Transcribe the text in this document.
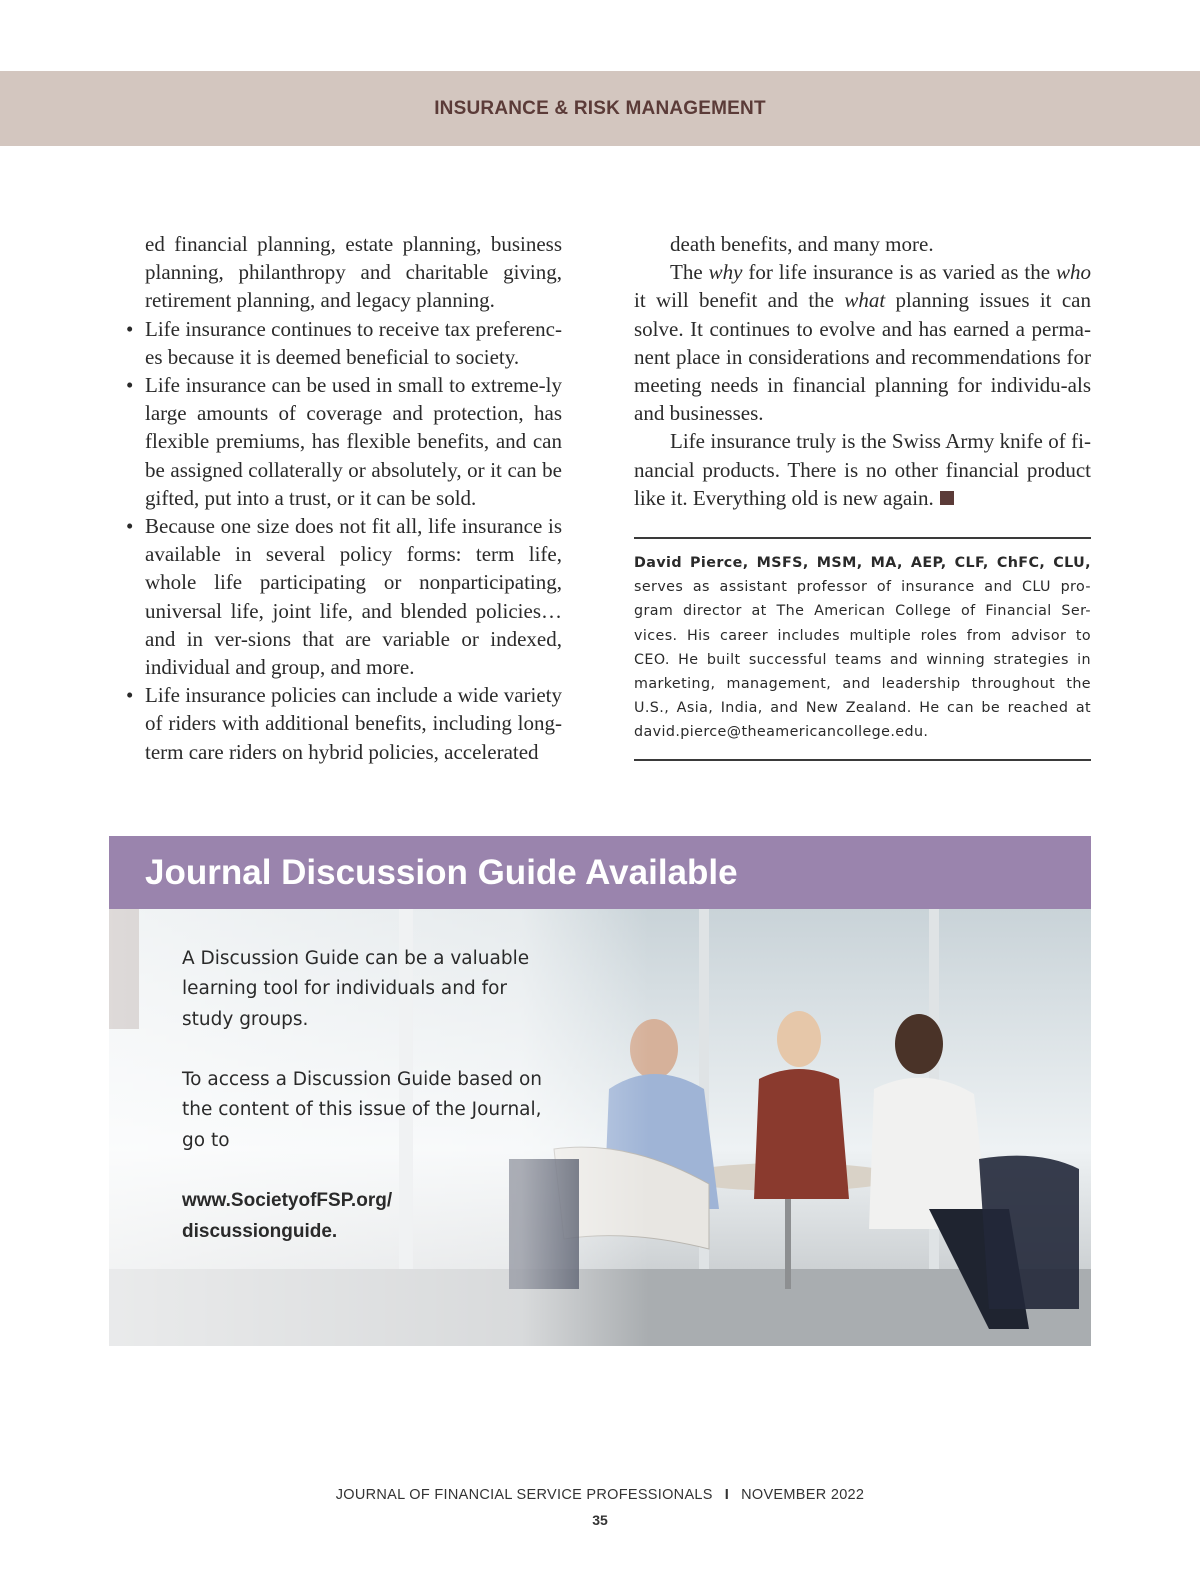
INSURANCE & RISK MANAGEMENT

ed financial planning, estate planning, business planning, philanthropy and charitable giving, retirement planning, and legacy planning.

• Life insurance continues to receive tax preferenc-es because it is deemed beneficial to society.
• Life insurance can be used in small to extreme-ly large amounts of coverage and protection, has flexible premiums, has flexible benefits, and can be assigned collaterally or absolutely, or it can be gifted, put into a trust, or it can be sold.
• Because one size does not fit all, life insurance is available in several policy forms: term life, whole life participating or nonparticipating, universal life, joint life, and blended policies…and in ver-sions that are variable or indexed, individual and group, and more.
• Life insurance policies can include a wide variety of riders with additional benefits, including long-term care riders on hybrid policies, accelerated

death benefits, and many more.

The why for life insurance is as varied as the who it will benefit and the what planning issues it can solve. It continues to evolve and has earned a perma-nent place in considerations and recommendations for meeting needs in financial planning for individu-als and businesses.

Life insurance truly is the Swiss Army knife of fi-nancial products. There is no other financial product like it. Everything old is new again.

David Pierce, MSFS, MSM, MA, AEP, CLF, ChFC, CLU, serves as assistant professor of insurance and CLU pro-gram director at The American College of Financial Ser-vices. His career includes multiple roles from advisor to CEO. He built successful teams and winning strategies in marketing, management, and leadership throughout the U.S., Asia, India, and New Zealand. He can be reached at david.pierce@theamericancollege.edu.
Journal Discussion Guide Available

A Discussion Guide can be a valuable learning tool for individuals and for study groups.

To access a Discussion Guide based on the content of this issue of the Journal, go to

www.SocietyofFSP.org/
discussionguide.
JOURNAL OF FINANCIAL SERVICE PROFESSIONALS I NOVEMBER 2022
35
